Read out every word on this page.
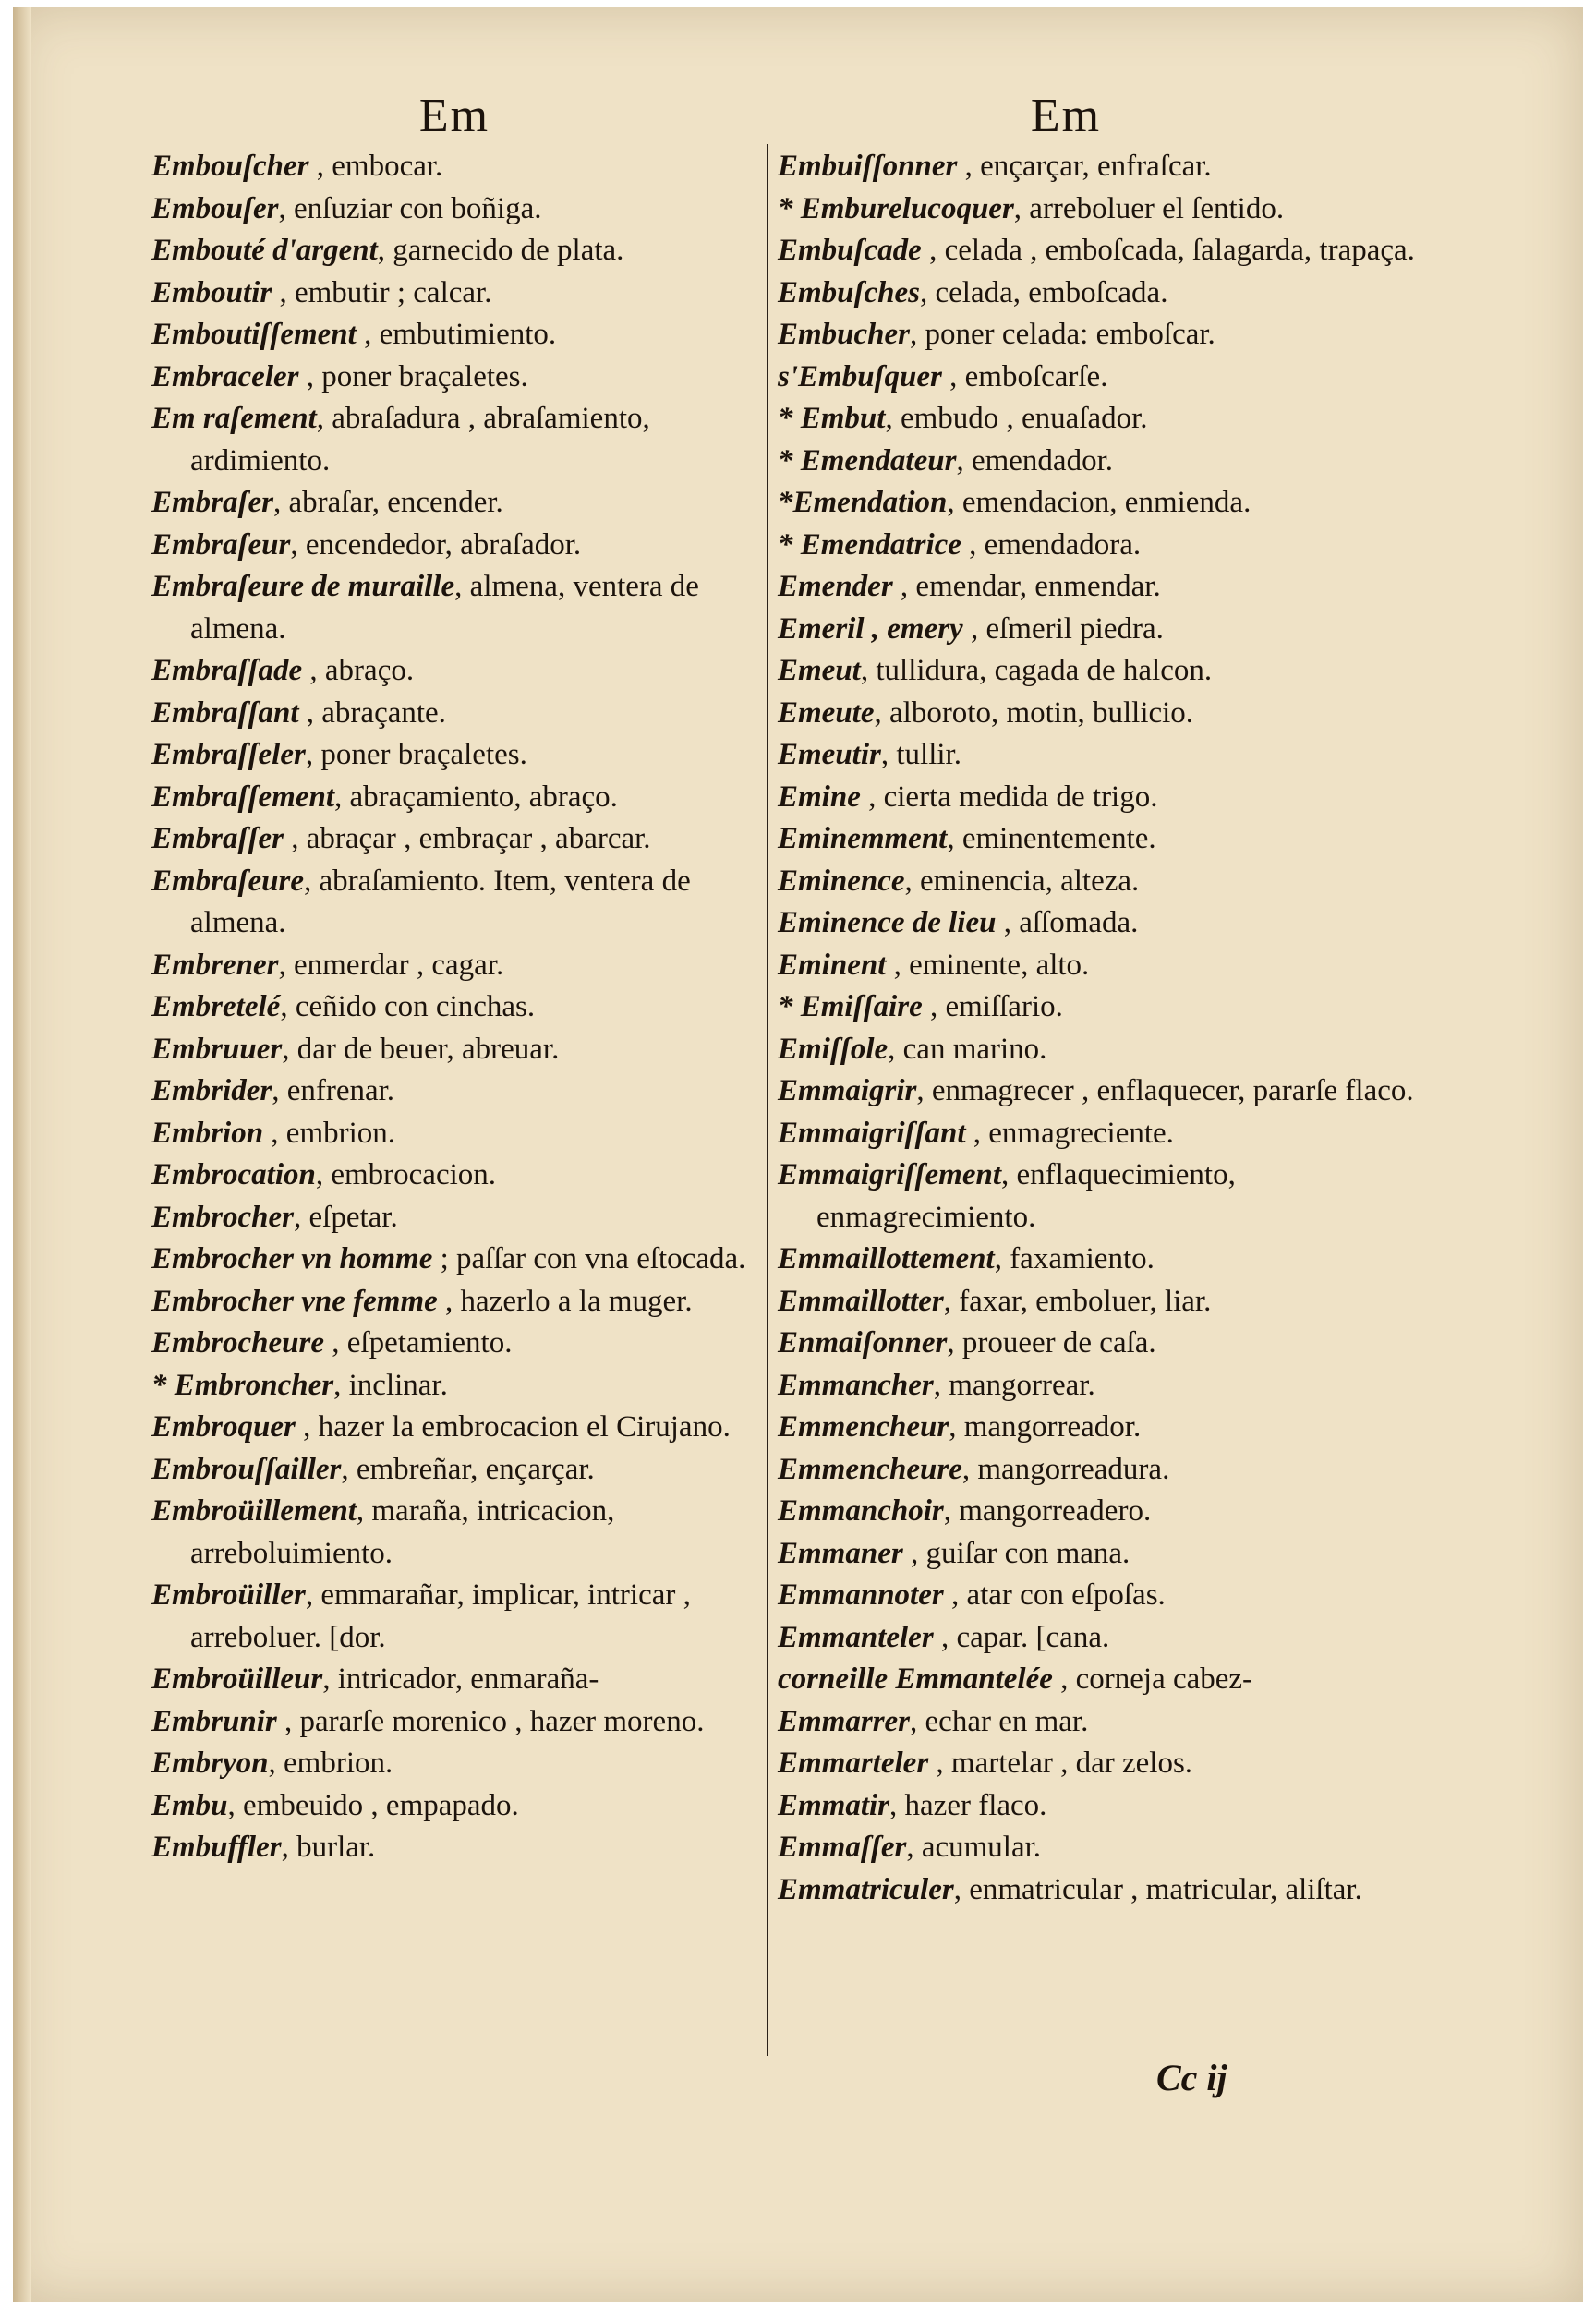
Em	Em
Embouſcher , embocar.
Embouſer, enſuziar con boñiga.
Embouté d'argent, garnecido de plata.
Emboutir , embutir ; calcar.
Emboutiſſement , embutimiento.
Embraceler , poner braçaletes.
Em raſement, abraſadura , abraſamiento, ardimiento.
Embraſer, abraſar, encender.
Embraſeur, encendedor, abraſador.
Embraſeure de muraille, almena, ventera de almena.
Embraſſade , abraço.
Embraſſant , abraçante.
Embraſſeler, poner braçaletes.
Embraſſement, abraçamiento, abraço.
Embraſſer , abraçar , embraçar , abarcar.
Embraſeure, abraſamiento. Item, ventera de almena.
Embrener, enmerdar , cagar.
Embretelé, ceñido con cinchas.
Embruuer, dar de beuer, abreuar.
Embrider, enfrenar.
Embrion , embrion.
Embrocation, embrocacion.
Embrocher, eſpetar.
Embrocher vn homme ; paſſar con vna eſtocada.
Embrocher vne femme , hazerlo a la muger.
Embrocheure , eſpetamiento.
* Embroncher, inclinar.
Embroquer , hazer la embrocacion el Cirujano.
Embrouſſailler, embreñar, ençarçar.
Embroüillement, maraña, intricacion, arreboluimiento.
Embroüiller, emmarañar, implicar, intricar , arreboluer. [dor.
Embroüilleur, intricador, enmaraña-
Embrunir , pararſe morenico , hazer moreno.
Embryon, embrion.
Embu, embeuido , empapado.
Embuffler, burlar.
Embuiſſonner , ençarçar, enfraſcar.
* Emburelucoquer, arreboluer el ſentido.
Embuſcade , celada , emboſcada, ſalagarda, trapaça.
Embuſches, celada, emboſcada.
Embucher, poner celada: emboſcar.
s'Embuſquer , emboſcarſe.
* Embut, embudo , enuaſador.
* Emendateur, emendador.
*Emendation, emendacion, enmienda.
* Emendatrice , emendadora.
Emender , emendar, enmendar.
Emeril , emery , eſmeril piedra.
Emeut, tullidura, cagada de halcon.
Emeute, alboroto, motin, bullicio.
Emeutir, tullir.
Emine , cierta medida de trigo.
Eminemment, eminentemente.
Eminence, eminencia, alteza.
Eminence de lieu , aſſomada.
Eminent , eminente, alto.
* Emiſſaire , emiſſario.
Emiſſole, can marino.
Emmaigrir, enmagrecer , enflaquecer, pararſe flaco.
Emmaigriſſant , enmagreciente.
Emmaigriſſement, enflaquecimiento, enmagrecimiento.
Emmaillottement, faxamiento.
Emmaillotter, faxar, emboluer, liar.
Enmaiſonner, proueer de caſa.
Emmancher, mangorrear.
Emmencheur, mangorreador.
Emmencheure, mangorreadura.
Emmanchoir, mangorreadero.
Emmaner , guiſar con mana.
Emmannoter , atar con eſpoſas.
Emmanteler , capar. [cana.
corneille Emmantelée , corneja cabez-
Emmarrer, echar en mar.
Emmarteler , martelar , dar zelos.
Emmatir, hazer flaco.
Emmaſſer, acumular.
Emmatriculer, enmatricular , matricular, aliſtar.
Cc ij
